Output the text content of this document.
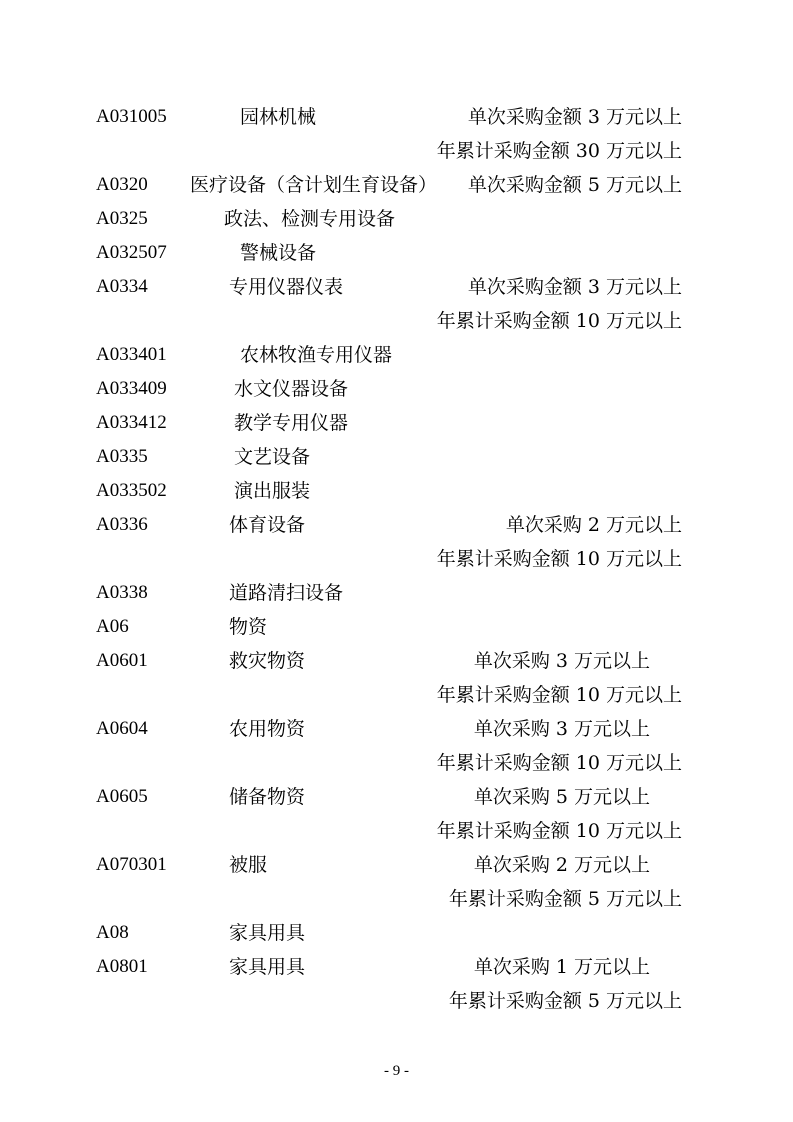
A031005	园林机械	单次采购金额 3 万元以上
年累计采购金额 30 万元以上
A0320 医疗设备（含计划生育设备） 单次采购金额 5 万元以上
A0325	政法、检测专用设备
A032507	警械设备
A0334	专用仪器仪表	单次采购金额 3 万元以上
年累计采购金额 10 万元以上
A033401	农林牧渔专用仪器
A033409	水文仪器设备
A033412	教学专用仪器
A0335	文艺设备
A033502	演出服装
A0336	体育设备	单次采购 2 万元以上
年累计采购金额 10 万元以上
A0338	道路清扫设备
A06	物资
A0601	救灾物资	单次采购 3 万元以上
年累计采购金额 10 万元以上
A0604	农用物资	单次采购 3 万元以上
年累计采购金额 10 万元以上
A0605	储备物资	单次采购 5 万元以上
年累计采购金额 10 万元以上
A070301	被服	单次采购 2 万元以上
年累计采购金额 5 万元以上
A08	家具用具
A0801	家具用具	单次采购 1 万元以上
年累计采购金额 5 万元以上
- 9 -
